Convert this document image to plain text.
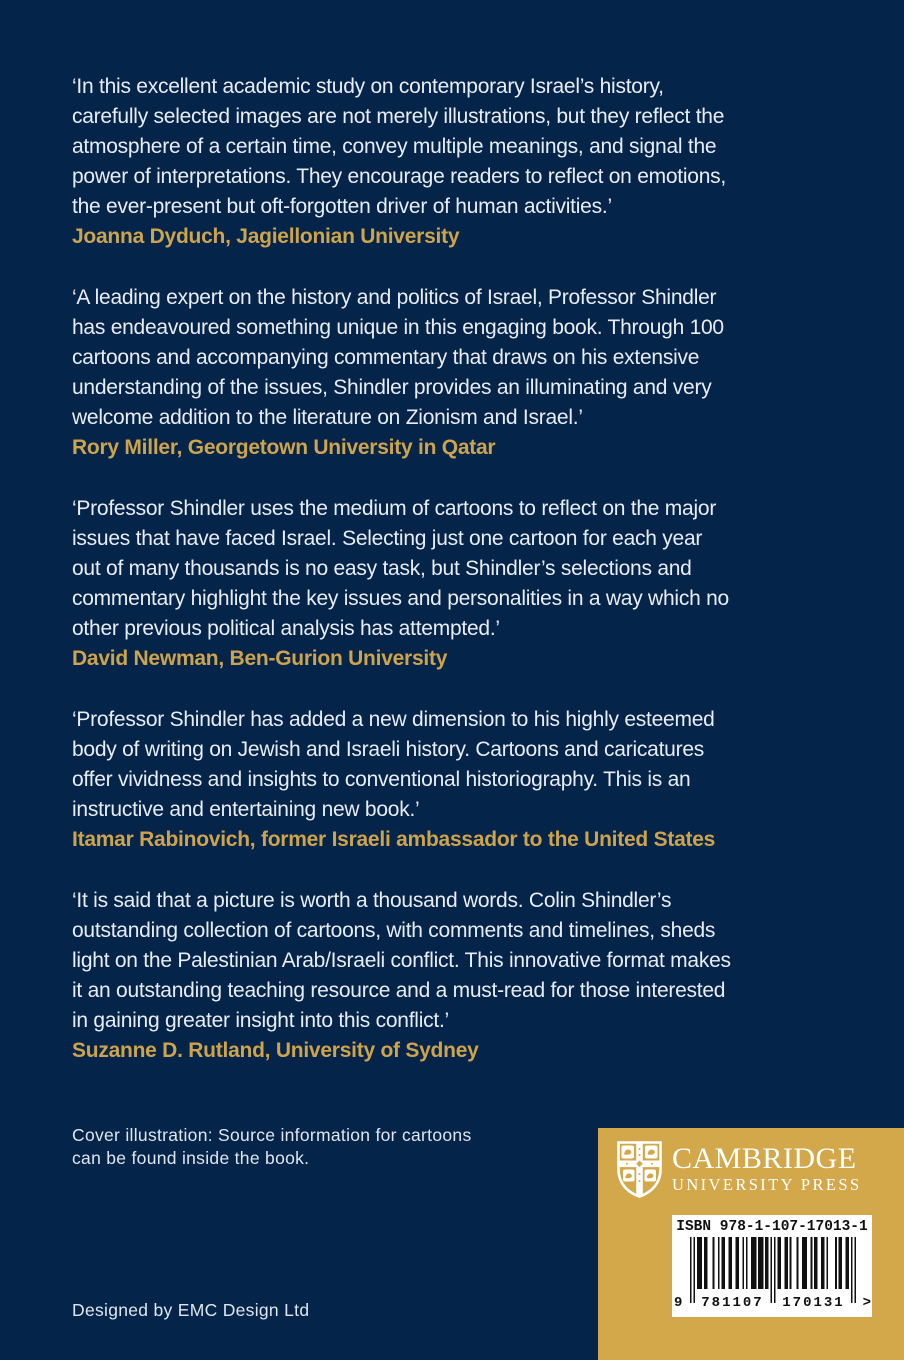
‘In this excellent academic study on contemporary Israel’s history,

carefully selected images are not merely illustrations, but they reflect the

atmosphere of a certain time, convey multiple meanings, and signal the

power of interpretations. They encourage readers to reflect on emotions,

the ever-present but oft-forgotten driver of human activities.’

Joanna Dyduch, Jagiellonian University

‘A leading expert on the history and politics of Israel, Professor Shindler

has endeavoured something unique in this engaging book. Through 100

cartoons and accompanying commentary that draws on his extensive

understanding of the issues, Shindler provides an illuminating and very

welcome addition to the literature on Zionism and Israel.’

Rory Miller, Georgetown University in Qatar

‘Professor Shindler uses the medium of cartoons to reflect on the major

issues that have faced Israel. Selecting just one cartoon for each year

out of many thousands is no easy task, but Shindler’s selections and

commentary highlight the key issues and personalities in a way which no

other previous political analysis has attempted.’

David Newman, Ben-Gurion University

‘Professor Shindler has added a new dimension to his highly esteemed

body of writing on Jewish and Israeli history. Cartoons and caricatures

offer vividness and insights to conventional historiography. This is an

instructive and entertaining new book.’

Itamar Rabinovich, former Israeli ambassador to the United States

‘It is said that a picture is worth a thousand words. Colin Shindler’s

outstanding collection of cartoons, with comments and timelines, sheds

light on the Palestinian Arab/Israeli conflict. This innovative format makes

it an outstanding teaching resource and a must-read for those interested

in gaining greater insight into this conflict.’

Suzanne D. Rutland, University of Sydney

Cover illustration: Source information for cartoons
can be found inside the book.
Designed by EMC Design Ltd
CAMBRIDGE
UNIVERSITY PRESS
ISBN 978-1-107-17013-1
9	781107	170131	>
